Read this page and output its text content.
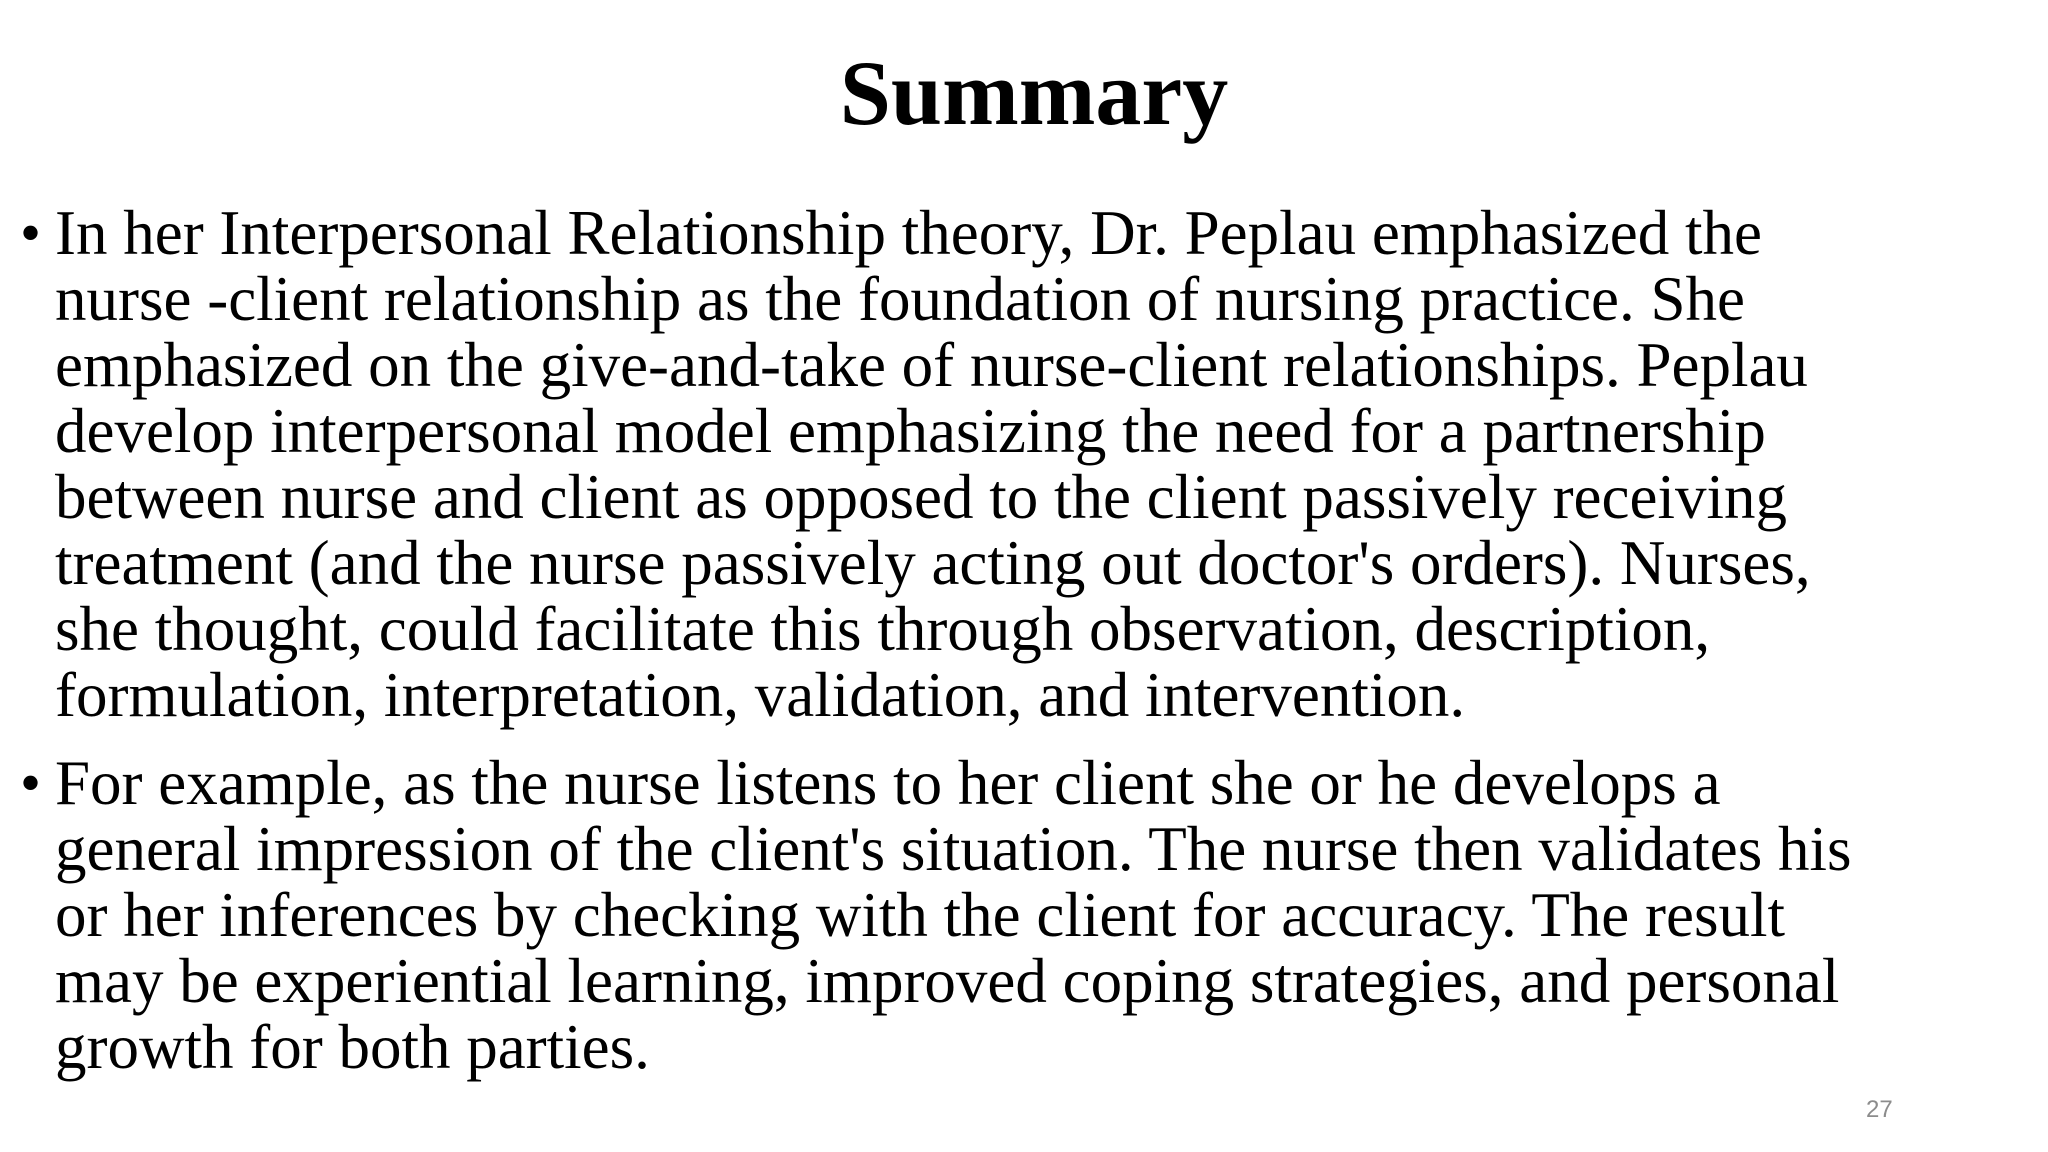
Summary
• In her Interpersonal Relationship theory, Dr. Peplau emphasized the
nurse -client relationship as the foundation of nursing practice. She
emphasized on the give-and-take of nurse-client relationships. Peplau
develop interpersonal model emphasizing the need for a partnership
between nurse and client as opposed to the client passively receiving
treatment (and the nurse passively acting out doctor's orders). Nurses,
she thought, could facilitate this through observation, description,
formulation, interpretation, validation, and intervention.
• For example, as the nurse listens to her client she or he develops a
general impression of the client's situation. The nurse then validates his
or her inferences by checking with the client for accuracy. The result
may be experiential learning, improved coping strategies, and personal
growth for both parties.
27
